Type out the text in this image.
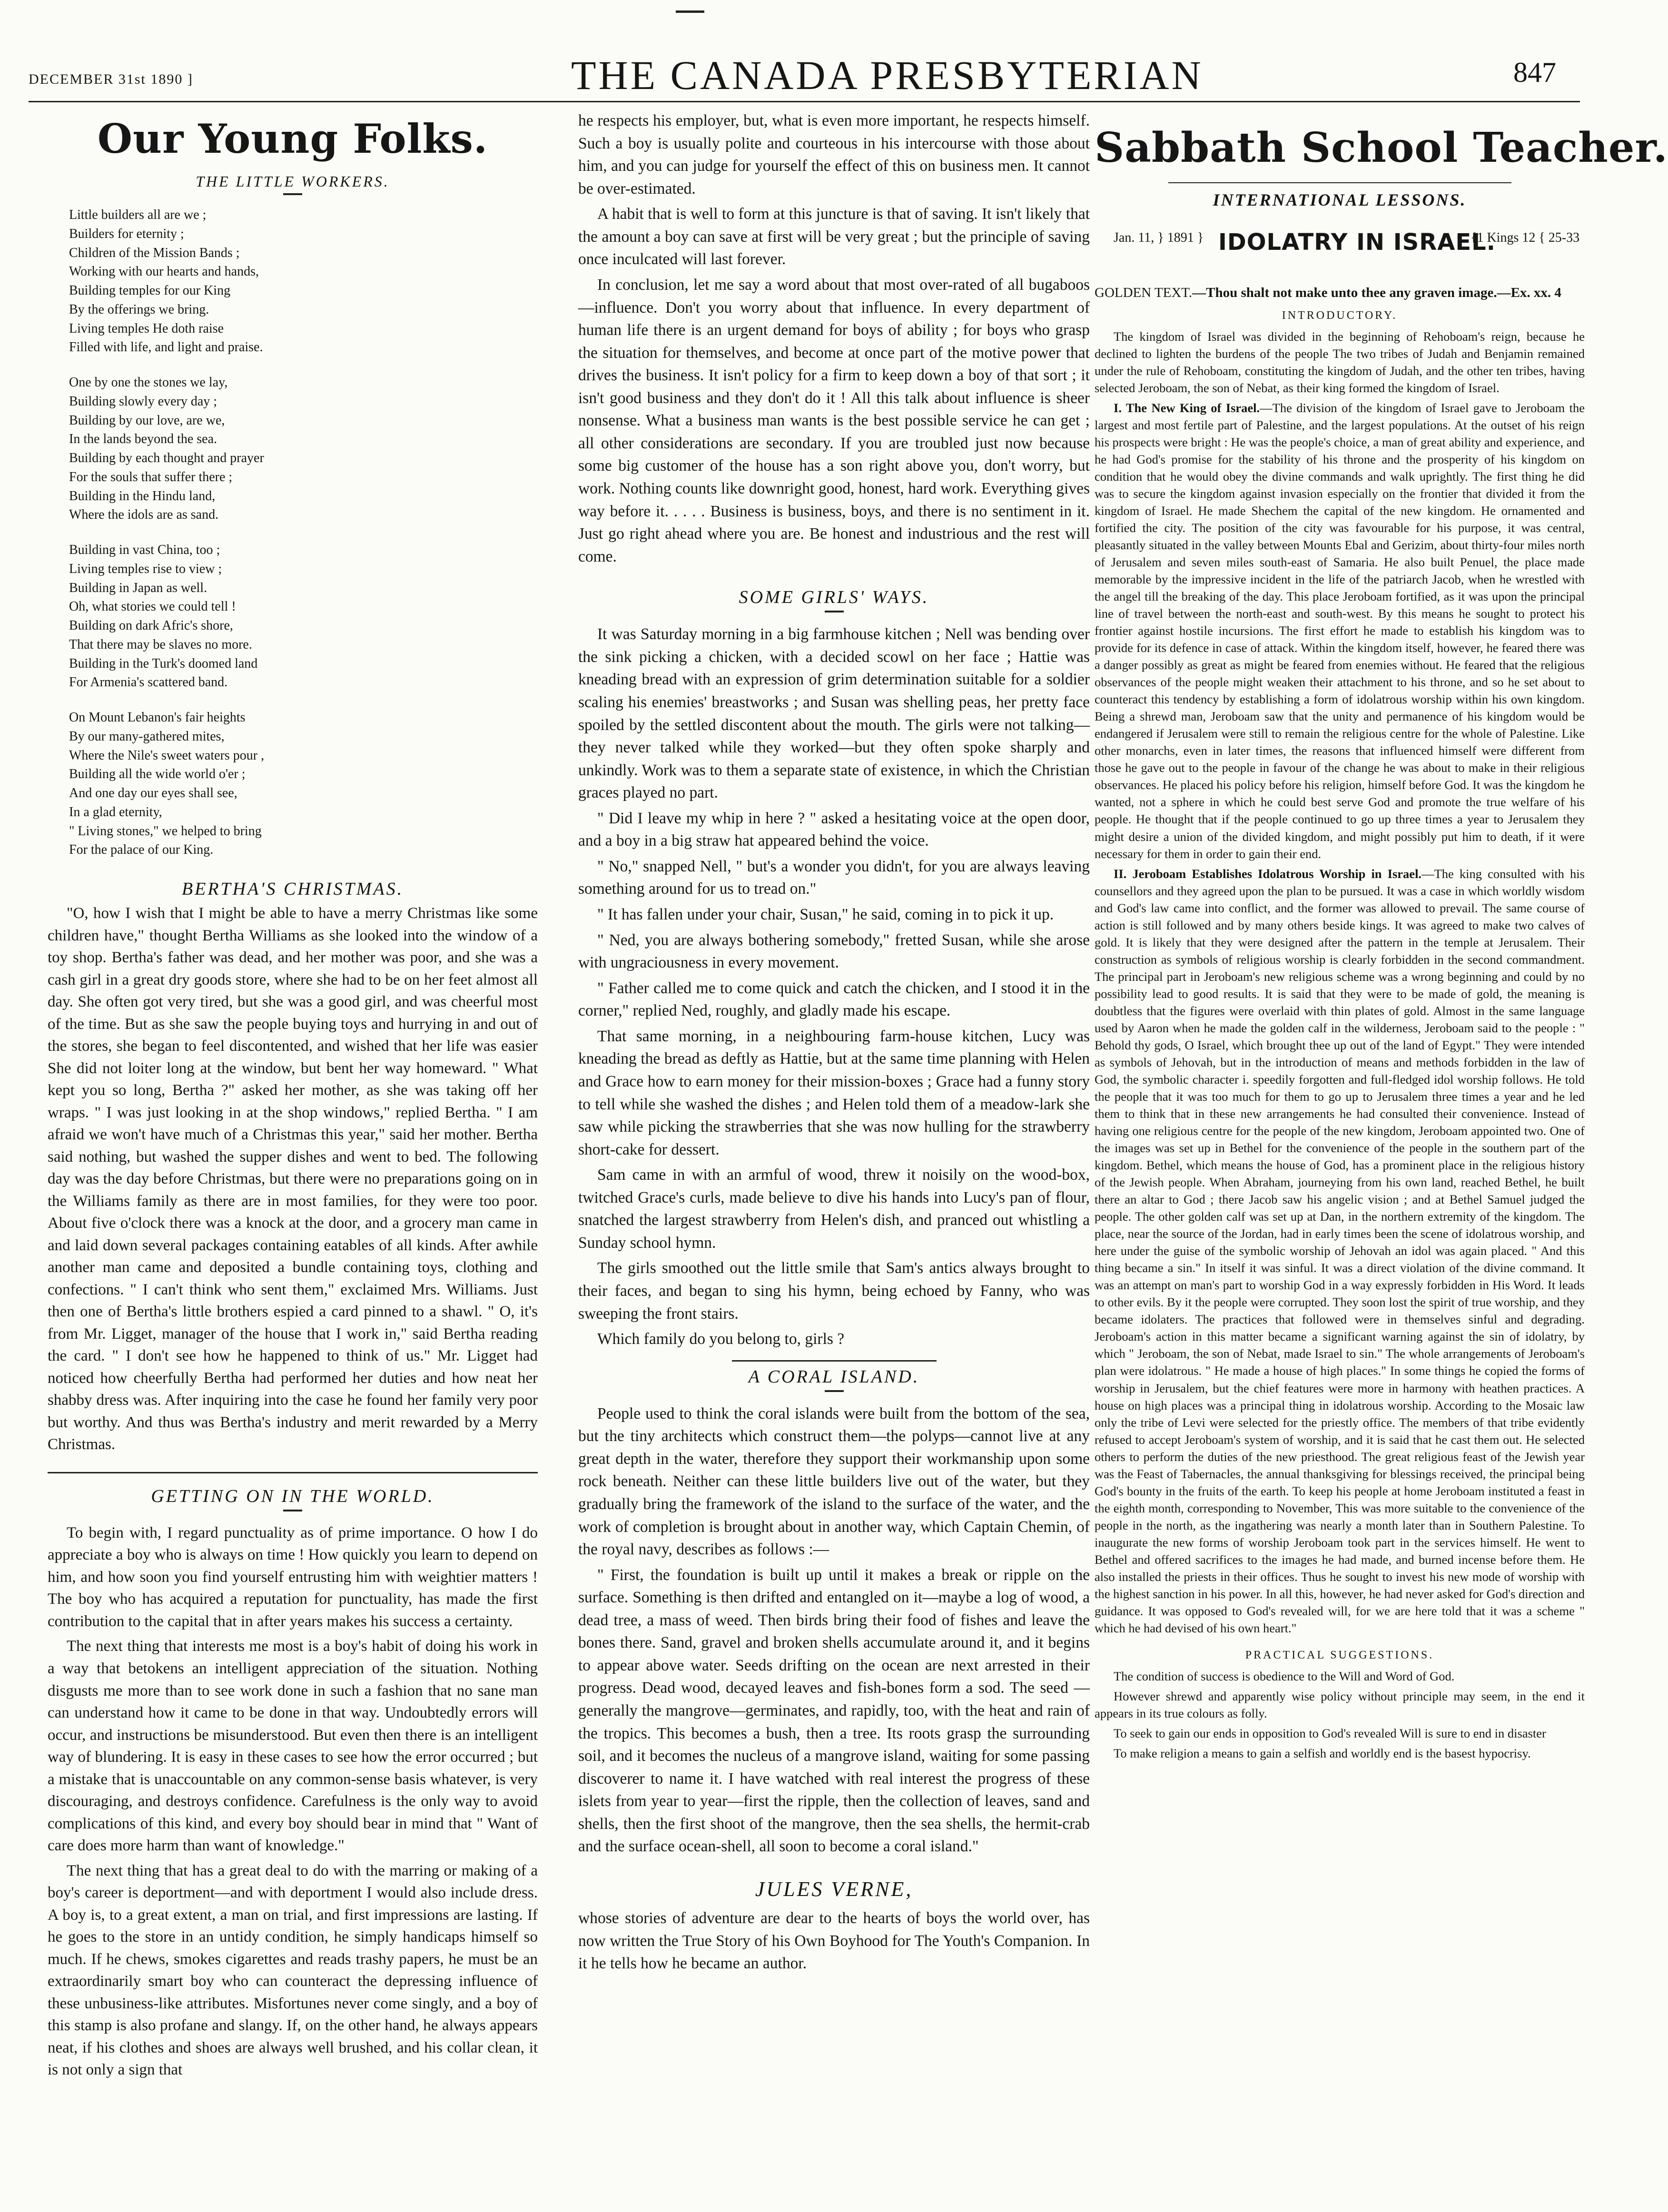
DECEMBER 31st 1890 ]	THE CANADA PRESBYTERIAN	847
Our Young Folks.
THE LITTLE WORKERS.

Little builders all are we ;

Builders for eternity ;

Children of the Mission Bands ;

Working with our hearts and hands,

Building temples for our King

By the offerings we bring.

Living temples He doth raise

Filled with life, and light and praise.

One by one the stones we lay,

Building slowly every day ;

Building by our love, are we,

In the lands beyond the sea.

Building by each thought and prayer

For the souls that suffer there ;

Building in the Hindu land,

Where the idols are as sand.

Building in vast China, too ;

Living temples rise to view ;

Building in Japan as well.

Oh, what stories we could tell !

Building on dark Afric's shore,

That there may be slaves no more.

Building in the Turk's doomed land

For Armenia's scattered band.

On Mount Lebanon's fair heights

By our many-gathered mites,

Where the Nile's sweet waters pour ,

Building all the wide world o'er ;

And one day our eyes shall see,

In a glad eternity,

" Living stones," we helped to bring

For the palace of our King.

BERTHA'S CHRISTMAS.

"O, how I wish that I might be able to have a merry Christmas like some children have," thought Bertha Williams as she looked into the window of a toy shop. Bertha's father was dead, and her mother was poor, and she was a cash girl in a great dry goods store, where she had to be on her feet almost all day. She often got very tired, but she was a good girl, and was cheerful most of the time. But as she saw the people buying toys and hurrying in and out of the stores, she began to feel discontented, and wished that her life was easier She did not loiter long at the window, but bent her way homeward. " What kept you so long, Bertha ?" asked her mother, as she was taking off her wraps. " I was just looking in at the shop windows," replied Bertha. " I am afraid we won't have much of a Christmas this year," said her mother. Bertha said nothing, but washed the supper dishes and went to bed. The following day was the day before Christmas, but there were no preparations going on in the Williams family as there are in most families, for they were too poor. About five o'clock there was a knock at the door, and a grocery man came in and laid down several packages containing eatables of all kinds. After awhile another man came and deposited a bundle containing toys, clothing and confections. " I can't think who sent them," exclaimed Mrs. Williams. Just then one of Bertha's little brothers espied a card pinned to a shawl. " O, it's from Mr. Ligget, manager of the house that I work in," said Bertha reading the card. " I don't see how he happened to think of us." Mr. Ligget had noticed how cheerfully Bertha had performed her duties and how neat her shabby dress was. After inquiring into the case he found her family very poor but worthy. And thus was Bertha's industry and merit rewarded by a Merry Christmas.

GETTING ON IN THE WORLD.

To begin with, I regard punctuality as of prime importance. O how I do appreciate a boy who is always on time ! How quickly you learn to depend on him, and how soon you find yourself entrusting him with weightier matters ! The boy who has acquired a reputation for punctuality, has made the first contribution to the capital that in after years makes his success a certainty.

The next thing that interests me most is a boy's habit of doing his work in a way that betokens an intelligent appreciation of the situation. Nothing disgusts me more than to see work done in such a fashion that no sane man can understand how it came to be done in that way. Undoubtedly errors will occur, and instructions be misunderstood. But even then there is an intelligent way of blundering. It is easy in these cases to see how the error occurred ; but a mistake that is unaccountable on any common-sense basis whatever, is very discouraging, and destroys confidence. Carefulness is the only way to avoid complications of this kind, and every boy should bear in mind that " Want of care does more harm than want of knowledge."

The next thing that has a great deal to do with the marring or making of a boy's career is deportment—and with deportment I would also include dress. A boy is, to a great extent, a man on trial, and first impressions are lasting. If he goes to the store in an untidy condition, he simply handicaps himself so much. If he chews, smokes cigarettes and reads trashy papers, he must be an extraordinarily smart boy who can counteract the depressing influence of these unbusiness-like attributes. Misfortunes never come singly, and a boy of this stamp is also profane and slangy. If, on the other hand, he always appears neat, if his clothes and shoes are always well brushed, and his collar clean, it is not only a sign that

he respects his employer, but, what is even more important, he respects himself. Such a boy is usually polite and courteous in his intercourse with those about him, and you can judge for yourself the effect of this on business men. It cannot be over-estimated.

A habit that is well to form at this juncture is that of saving. It isn't likely that the amount a boy can save at first will be very great ; but the principle of saving once inculcated will last forever.

In conclusion, let me say a word about that most over-rated of all bugaboos—influence. Don't you worry about that influence. In every department of human life there is an urgent demand for boys of ability ; for boys who grasp the situation for themselves, and become at once part of the motive power that drives the business. It isn't policy for a firm to keep down a boy of that sort ; it isn't good business and they don't do it ! All this talk about influence is sheer nonsense. What a business man wants is the best possible service he can get ; all other considerations are secondary. If you are troubled just now because some big customer of the house has a son right above you, don't worry, but work. Nothing counts like downright good, honest, hard work. Everything gives way before it. . . . . Business is business, boys, and there is no sentiment in it. Just go right ahead where you are. Be honest and industrious and the rest will come.

SOME GIRLS' WAYS.

It was Saturday morning in a big farmhouse kitchen ; Nell was bending over the sink picking a chicken, with a decided scowl on her face ; Hattie was kneading bread with an expression of grim determination suitable for a soldier scaling his enemies' breastworks ; and Susan was shelling peas, her pretty face spoiled by the settled discontent about the mouth. The girls were not talking—they never talked while they worked—but they often spoke sharply and unkindly. Work was to them a separate state of existence, in which the Christian graces played no part.

" Did I leave my whip in here ? " asked a hesitating voice at the open door, and a boy in a big straw hat appeared behind the voice.

" No," snapped Nell, " but's a wonder you didn't, for you are always leaving something around for us to tread on."

" It has fallen under your chair, Susan," he said, coming in to pick it up.

" Ned, you are always bothering somebody," fretted Susan, while she arose with ungraciousness in every movement.

" Father called me to come quick and catch the chicken, and I stood it in the corner," replied Ned, roughly, and gladly made his escape.

That same morning, in a neighbouring farm-house kitchen, Lucy was kneading the bread as deftly as Hattie, but at the same time planning with Helen and Grace how to earn money for their mission-boxes ; Grace had a funny story to tell while she washed the dishes ; and Helen told them of a meadow-lark she saw while picking the strawberries that she was now hulling for the strawberry short-cake for dessert.

Sam came in with an armful of wood, threw it noisily on the wood-box, twitched Grace's curls, made believe to dive his hands into Lucy's pan of flour, snatched the largest strawberry from Helen's dish, and pranced out whistling a Sunday school hymn.

The girls smoothed out the little smile that Sam's antics always brought to their faces, and began to sing his hymn, being echoed by Fanny, who was sweeping the front stairs.

Which family do you belong to, girls ?

A CORAL ISLAND.

People used to think the coral islands were built from the bottom of the sea, but the tiny architects which construct them—the polyps—cannot live at any great depth in the water, therefore they support their workmanship upon some rock beneath. Neither can these little builders live out of the water, but they gradually bring the framework of the island to the surface of the water, and the work of completion is brought about in another way, which Captain Chemin, of the royal navy, describes as follows :—

" First, the foundation is built up until it makes a break or ripple on the surface. Something is then drifted and entangled on it—maybe a log of wood, a dead tree, a mass of weed. Then birds bring their food of fishes and leave the bones there. Sand, gravel and broken shells accumulate around it, and it begins to appear above water. Seeds drifting on the ocean are next arrested in their progress. Dead wood, decayed leaves and fish-bones form a sod. The seed —generally the mangrove—germinates, and rapidly, too, with the heat and rain of the tropics. This becomes a bush, then a tree. Its roots grasp the surrounding soil, and it becomes the nucleus of a mangrove island, waiting for some passing discoverer to name it. I have watched with real interest the progress of these islets from year to year—first the ripple, then the collection of leaves, sand and shells, then the first shoot of the mangrove, then the sea shells, the hermit-crab and the surface ocean-shell, all soon to become a coral island."

JULES VERNE,

whose stories of adventure are dear to the hearts of boys the world over, has now written the True Story of his Own Boyhood for The Youth's Companion. In it he tells how he became an author.

Sabbath School Teacher.
INTERNATIONAL LESSONS.
Jan. 11, } 1891 } IDOLATRY IN ISRAEL.
{1 Kings 12 { 25-33
GOLDEN TEXT.—Thou shalt not make unto thee any graven image.—Ex. xx. 4
INTRODUCTORY.

The kingdom of Israel was divided in the beginning of Rehoboam's reign, because he declined to lighten the burdens of the people The two tribes of Judah and Benjamin remained under the rule of Rehoboam, constituting the kingdom of Judah, and the other ten tribes, having selected Jeroboam, the son of Nebat, as their king formed the kingdom of Israel.

I. The New King of Israel.—The division of the kingdom of Israel gave to Jeroboam the largest and most fertile part of Palestine, and the largest populations. At the outset of his reign his prospects were bright : He was the people's choice, a man of great ability and experience, and he had God's promise for the stability of his throne and the prosperity of his kingdom on condition that he would obey the divine commands and walk uprightly. The first thing he did was to secure the kingdom against invasion especially on the frontier that divided it from the kingdom of Israel. He made Shechem the capital of the new kingdom. He ornamented and fortified the city. The position of the city was favourable for his purpose, it was central, pleasantly situated in the valley between Mounts Ebal and Gerizim, about thirty-four miles north of Jerusalem and seven miles south-east of Samaria. He also built Penuel, the place made memorable by the impressive incident in the life of the patriarch Jacob, when he wrestled with the angel till the breaking of the day. This place Jeroboam fortified, as it was upon the principal line of travel between the north-east and south-west. By this means he sought to protect his frontier against hostile incursions. The first effort he made to establish his kingdom was to provide for its defence in case of attack. Within the kingdom itself, however, he feared there was a danger possibly as great as might be feared from enemies without. He feared that the religious observances of the people might weaken their attachment to his throne, and so he set about to counteract this tendency by establishing a form of idolatrous worship within his own kingdom. Being a shrewd man, Jeroboam saw that the unity and permanence of his kingdom would be endangered if Jerusalem were still to remain the religious centre for the whole of Palestine. Like other monarchs, even in later times, the reasons that influenced himself were different from those he gave out to the people in favour of the change he was about to make in their religious observances. He placed his policy before his religion, himself before God. It was the kingdom he wanted, not a sphere in which he could best serve God and promote the true welfare of his people. He thought that if the people continued to go up three times a year to Jerusalem they might desire a union of the divided kingdom, and might possibly put him to death, if it were necessary for them in order to gain their end.

II. Jeroboam Establishes Idolatrous Worship in Israel.—The king consulted with his counsellors and they agreed upon the plan to be pursued. It was a case in which worldly wisdom and God's law came into conflict, and the former was allowed to prevail. The same course of action is still followed and by many others beside kings. It was agreed to make two calves of gold. It is likely that they were designed after the pattern in the temple at Jerusalem. Their construction as symbols of religious worship is clearly forbidden in the second commandment. The principal part in Jeroboam's new religious scheme was a wrong beginning and could by no possibility lead to good results. It is said that they were to be made of gold, the meaning is doubtless that the figures were overlaid with thin plates of gold. Almost in the same language used by Aaron when he made the golden calf in the wilderness, Jeroboam said to the people : " Behold thy gods, O Israel, which brought thee up out of the land of Egypt." They were intended as symbols of Jehovah, but in the introduction of means and methods forbidden in the law of God, the symbolic character i. speedily forgotten and full-fledged idol worship follows. He told the people that it was too much for them to go up to Jerusalem three times a year and he led them to think that in these new arrangements he had consulted their convenience. Instead of having one religious centre for the people of the new kingdom, Jeroboam appointed two. One of the images was set up in Bethel for the convenience of the people in the southern part of the kingdom. Bethel, which means the house of God, has a prominent place in the religious history of the Jewish people. When Abraham, journeying from his own land, reached Bethel, he built there an altar to God ; there Jacob saw his angelic vision ; and at Bethel Samuel judged the people. The other golden calf was set up at Dan, in the northern extremity of the kingdom. The place, near the source of the Jordan, had in early times been the scene of idolatrous worship, and here under the guise of the symbolic worship of Jehovah an idol was again placed. " And this thing became a sin." In itself it was sinful. It was a direct violation of the divine command. It was an attempt on man's part to worship God in a way expressly forbidden in His Word. It leads to other evils. By it the people were corrupted. They soon lost the spirit of true worship, and they became idolaters. The practices that followed were in themselves sinful and degrading. Jeroboam's action in this matter became a significant warning against the sin of idolatry, by which " Jeroboam, the son of Nebat, made Israel to sin." The whole arrangements of Jeroboam's plan were idolatrous. " He made a house of high places." In some things he copied the forms of worship in Jerusalem, but the chief features were more in harmony with heathen practices. A house on high places was a principal thing in idolatrous worship. According to the Mosaic law only the tribe of Levi were selected for the priestly office. The members of that tribe evidently refused to accept Jeroboam's system of worship, and it is said that he cast them out. He selected others to perform the duties of the new priesthood. The great religious feast of the Jewish year was the Feast of Tabernacles, the annual thanksgiving for blessings received, the principal being God's bounty in the fruits of the earth. To keep his people at home Jeroboam instituted a feast in the eighth month, corresponding to November, This was more suitable to the convenience of the people in the north, as the ingathering was nearly a month later than in Southern Palestine. To inaugurate the new forms of worship Jeroboam took part in the services himself. He went to Bethel and offered sacrifices to the images he had made, and burned incense before them. He also installed the priests in their offices. Thus he sought to invest his new mode of worship with the highest sanction in his power. In all this, however, he had never asked for God's direction and guidance. It was opposed to God's revealed will, for we are here told that it was a scheme " which he had devised of his own heart."

PRACTICAL SUGGESTIONS.

The condition of success is obedience to the Will and Word of God.

However shrewd and apparently wise policy without principle may seem, in the end it appears in its true colours as folly.

To seek to gain our ends in opposition to God's revealed Will is sure to end in disaster

To make religion a means to gain a selfish and worldly end is the basest hypocrisy.
